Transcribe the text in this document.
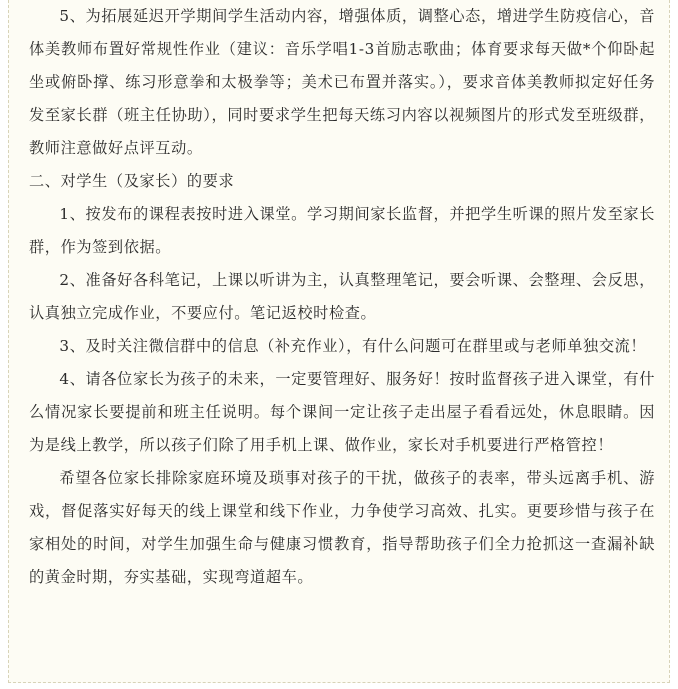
5、为拓展延迟开学期间学生活动内容，增强体质，调整心态，增进学生防疫信心，音体美教师布置好常规性作业（建议：音乐学唱1-3首励志歌曲；体育要求每天做*个仰卧起坐或俯卧撑、练习形意拳和太极拳等；美术已布置并落实。），要求音体美教师拟定好任务发至家长群（班主任协助），同时要求学生把每天练习内容以视频图片的形式发至班级群，教师注意做好点评互动。

二、对学生（及家长）的要求

1、按发布的课程表按时进入课堂。学习期间家长监督，并把学生听课的照片发至家长群，作为签到依据。

2、准备好各科笔记，上课以听讲为主，认真整理笔记，要会听课、会整理、会反思，认真独立完成作业，不要应付。笔记返校时检查。

3、及时关注微信群中的信息（补充作业），有什么问题可在群里或与老师单独交流！

4、请各位家长为孩子的未来，一定要管理好、服务好！按时监督孩子进入课堂，有什么情况家长要提前和班主任说明。每个课间一定让孩子走出屋子看看远处，休息眼睛。因为是线上教学，所以孩子们除了用手机上课、做作业，家长对手机要进行严格管控！

希望各位家长排除家庭环境及琐事对孩子的干扰，做孩子的表率，带头远离手机、游戏，督促落实好每天的线上课堂和线下作业，力争使学习高效、扎实。更要珍惜与孩子在家相处的时间，对学生加强生命与健康习惯教育，指导帮助孩子们全力抢抓这一查漏补缺的黄金时期，夯实基础，实现弯道超车。
